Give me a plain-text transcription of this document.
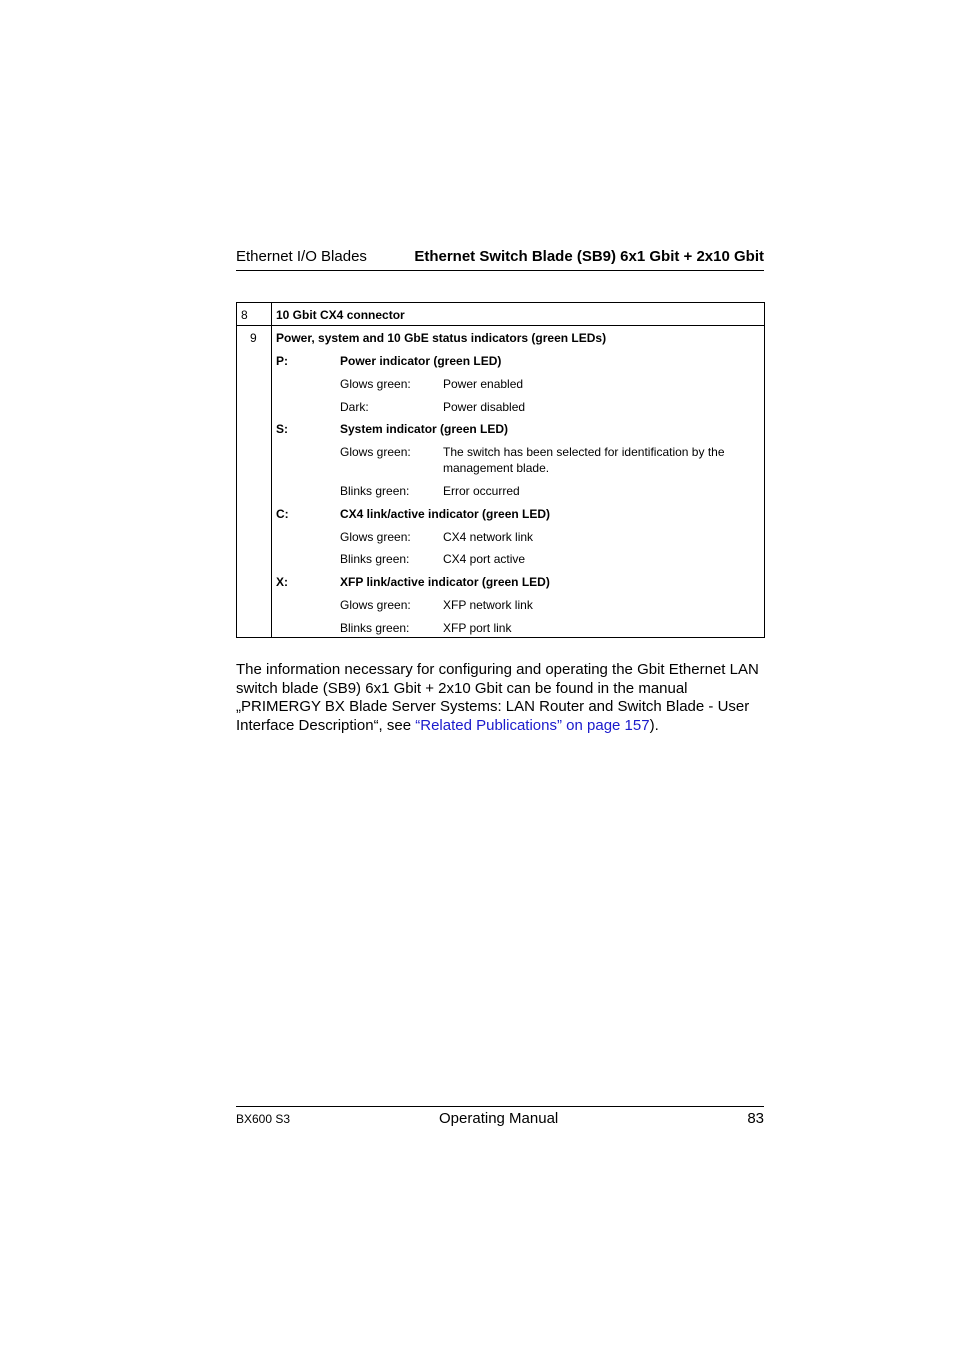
Ethernet I/O Blades	Ethernet Switch Blade (SB9) 6x1 Gbit + 2x10 Gbit
8 10 Gbit CX4 connector
9 Power, system and 10 GbE status indicators (green LEDs)
P:	Power indicator (green LED)
Glows green:	Power enabled
Dark:	Power disabled
S:	System indicator (green LED)
Glows green:	The switch has been selected for identification by the management blade.
Blinks green:	Error occurred
C:	CX4 link/active indicator (green LED)
Glows green:	CX4 network link
Blinks green:	CX4 port active
X:	XFP link/active indicator (green LED)
Glows green:	XFP network link
Blinks green:	XFP port link

The information necessary for configuring and operating the Gbit Ethernet LAN switch blade (SB9) 6x1 Gbit + 2x10 Gbit can be found in the manual „PRIMERGY BX Blade Server Systems: LAN Router and Switch Blade - User Interface Description“, see “Related Publications” on page 157).

BX600 S3	Operating Manual	83
